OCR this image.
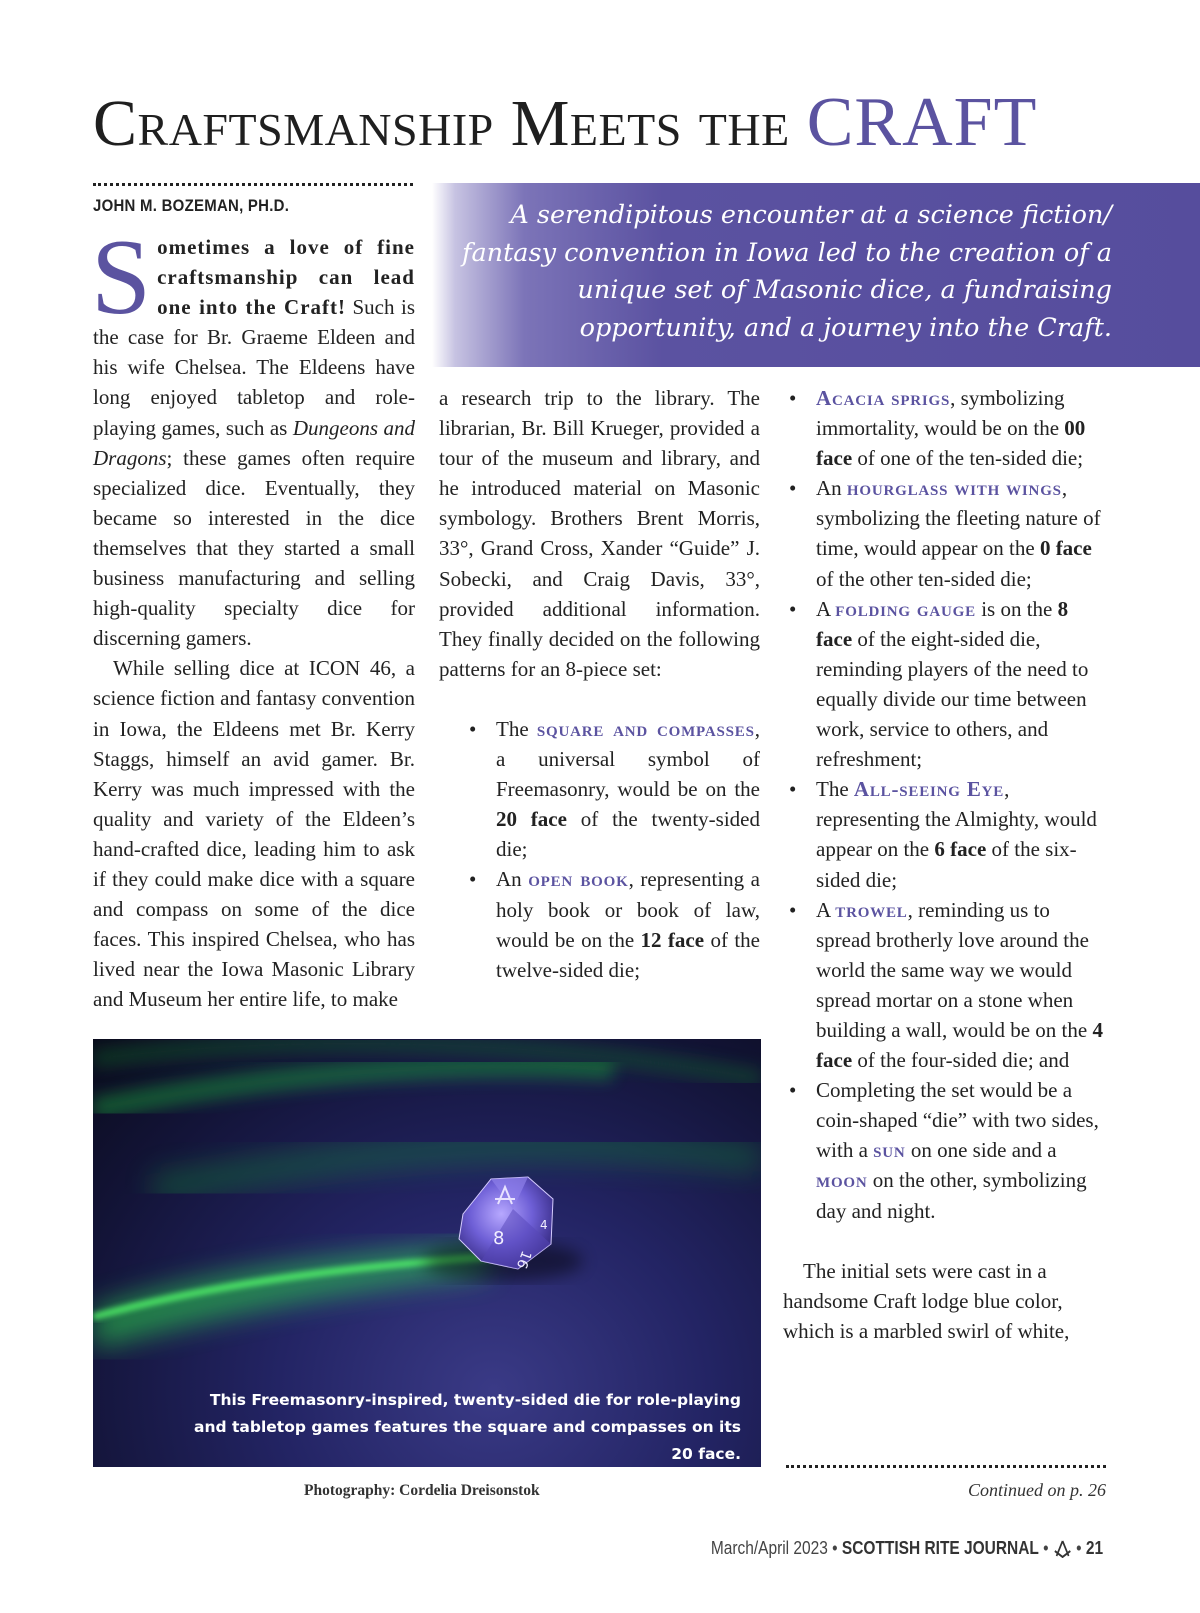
Craftsmanship Meets the CRAFT
JOHN M. BOZEMAN, PH.D.	A serendipitous encounter at a science fiction/ fantasy convention in Iowa led to the creation of a unique set of Masonic dice, a fundraising opportunity, and a journey into the Craft.

Sometimes a love of fine craftsmanship can lead one into the Craft! Such is the case for Br. Graeme Eldeen and his wife Chelsea. The Eldeens have long enjoyed tabletop and role-playing games, such as Dungeons and Dragons; these games often require specialized dice. Eventually, they became so interested in the dice themselves that they started a small business manufacturing and selling high-quality specialty dice for discerning gamers.

While selling dice at ICON 46, a science fiction and fantasy convention in Iowa, the Eldeens met Br. Kerry Staggs, himself an avid gamer. Br. Kerry was much impressed with the quality and variety of the Eldeen’s hand-crafted dice, leading him to ask if they could make dice with a square and compass on some of the dice faces. This inspired Chelsea, who has lived near the Iowa Masonic Library and Museum her entire life, to make

a research trip to the library. The librarian, Br. Bill Krueger, provided a tour of the museum and library, and he introduced material on Masonic symbology. Brothers Brent Morris, 33°, Grand Cross, Xander “Guide” J. Sobecki, and Craig Davis, 33°, provided additional information. They finally decided on the following patterns for an 8-piece set:

• The square and compasses, a universal symbol of Freemasonry, would be on the 20 face of the twenty-sided die;
• An open book, representing a holy book or book of law, would be on the 12 face of the twelve-sided die;
• Acacia sprigs, symbolizing immortality, would be on the 00 face of one of the ten-sided die;
• An hourglass with wings, symbolizing the fleeting nature of time, would appear on the 0 face of the other ten-sided die;
• A folding gauge is on the 8 face of the eight-sided die, reminding players of the need to equally divide our time between work, service to others, and refreshment;
• The All-seeing Eye, representing the Almighty, would appear on the 6 face of the six-sided die;
• A trowel, reminding us to spread brotherly love around the world the same way we would spread mortar on a stone when building a wall, would be on the 4 face of the four-sided die; and
• Completing the set would be a coin-shaped “die” with two sides, with a sun on one side and a moon on the other, symbolizing day and night.

The initial sets were cast in a handsome Craft lodge blue color, which is a marbled swirl of white,

8
16
4
This Freemasonry-inspired, twenty-sided die for role-playing and tabletop games features the square and compasses on its 20 face.
Photography: Cordelia Dreisonstok	Continued on p. 26
March/April 2023 • SCOTTISH RITE JOURNAL • • 21
